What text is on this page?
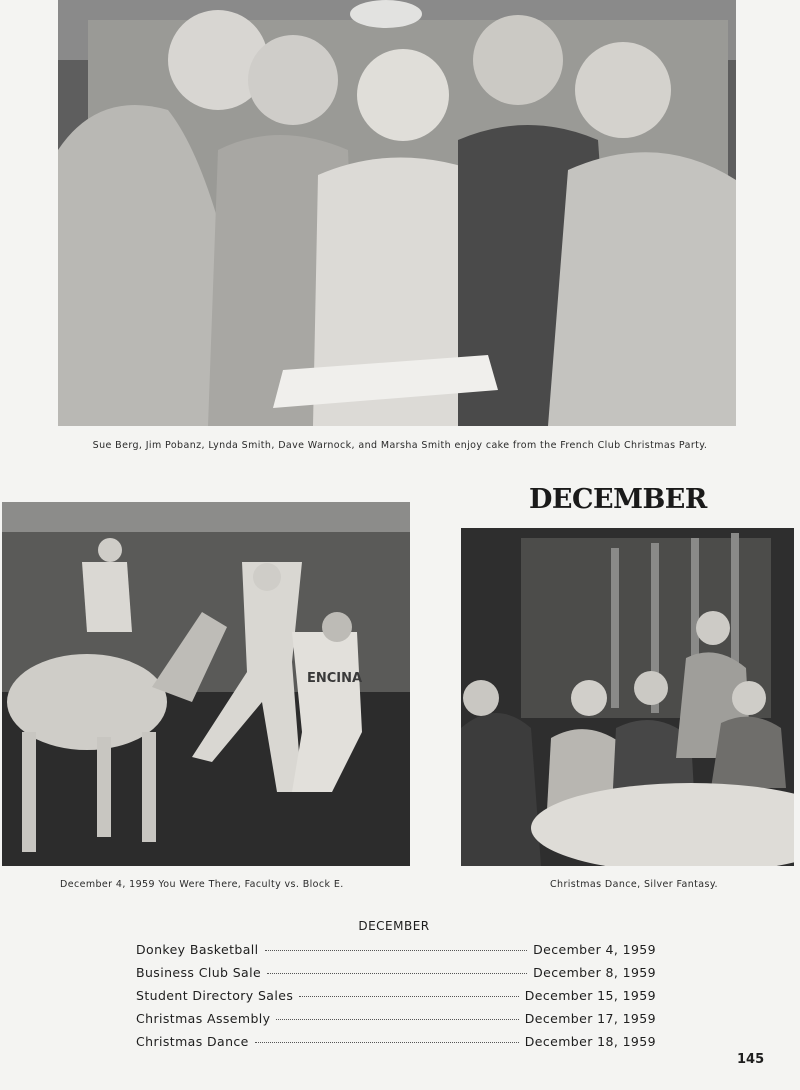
Sue Berg, Jim Pobanz, Lynda Smith, Dave Warnock, and Marsha Smith enjoy cake from the French Club Christmas Party.
DECEMBER
ENCINA
December 4, 1959 You Were There, Faculty vs. Block E.	Christmas Dance, Silver Fantasy.
DECEMBER
Donkey Basketball	December 4, 1959
Business Club Sale	December 8, 1959
Student Directory Sales	December 15, 1959
Christmas Assembly	December 17, 1959
Christmas Dance	December 18, 1959
145
